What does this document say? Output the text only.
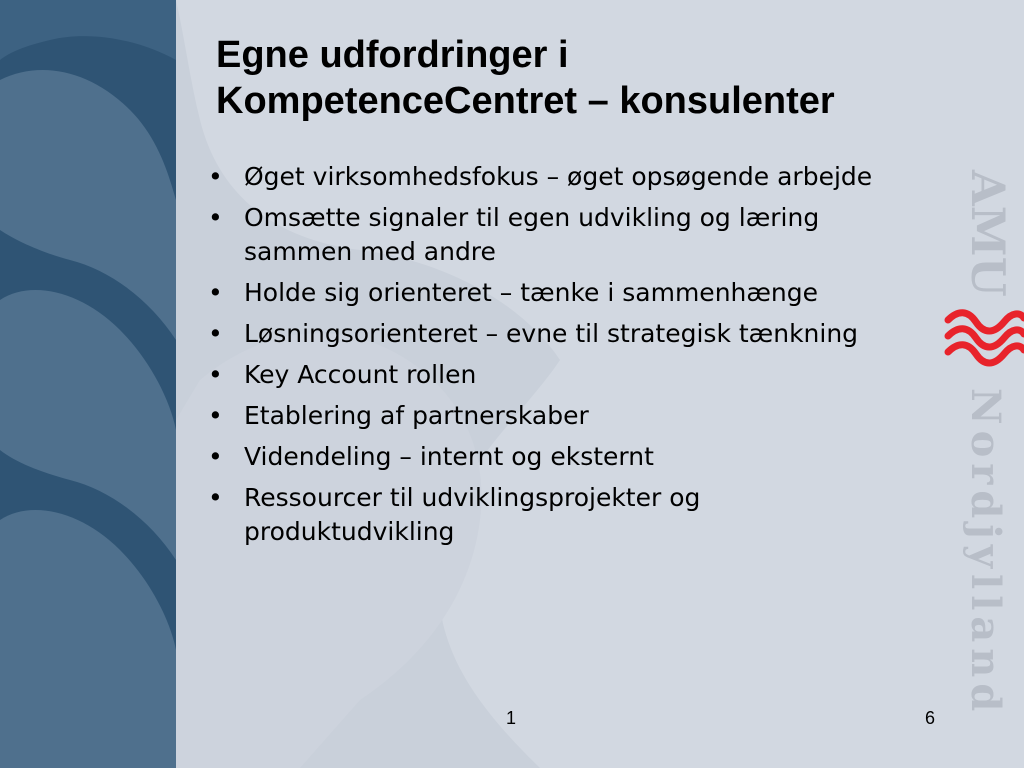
Egne udfordringer i
KompetenceCentret – konsulenter
• Øget virksomhedsfokus – øget opsøgende arbejde
• Omsætte signaler til egen udvikling og læring sammen med andre
• Holde sig orienteret – tænke i sammenhænge
• Løsningsorienteret – evne til strategisk tænkning
• Key Account rollen
• Etablering af partnerskaber
• Videndeling – internt og eksternt
• Ressourcer til udviklingsprojekter og produktudvikling
AMU
Nordjylland
1	6
